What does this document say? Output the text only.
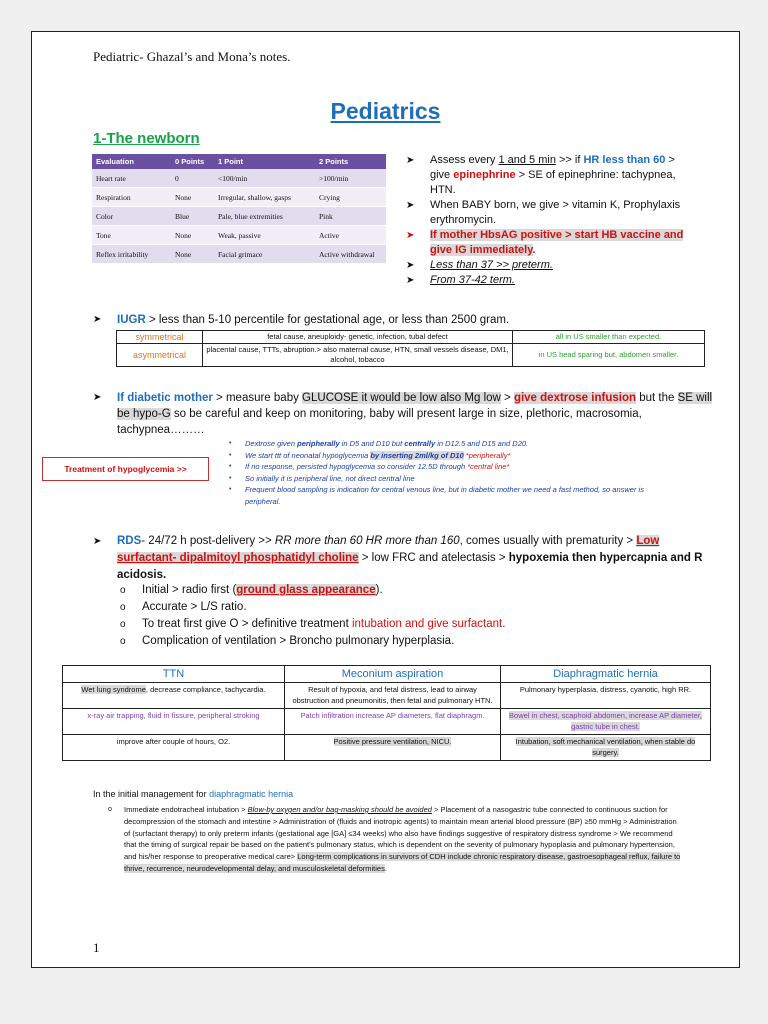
Pediatric- Ghazal’s and Mona’s notes.
Pediatrics
1-The newborn
Evaluation	0 Points	1 Point	2 Points
Heart rate	0	<100/min	>100/min
Respiration	None	Irregular, shallow, gasps	Crying
Color	Blue	Pale, blue extremities	Pink
Tone	None	Weak, passive	Active
Reflex irritability	None	Facial grimace	Active withdrawal
➤ Assess every 1 and 5 min >> if HR less than 60 > give epinephrine > SE of epinephrine: tachypnea, HTN.
➤ When BABY born, we give > vitamin K, Prophylaxis erythromycin.
➤ If mother HbsAG positive > start HB vaccine and give IG immediately.
➤ Less than 37 >> preterm.
➤ From 37-42 term.
➤ IUGR > less than 5-10 percentile for gestational age, or less than 2500 gram.
symmetrical	fetal cause, aneuploidy- genetic, infection, tubal defect	all in US smaller than expected.
asymmetrical	placental cause, TTTs, abruption.> also maternal cause, HTN, small vessels disease, DM1, alcohol, tobacco	in US head sparing but, abdomen smaller.
➤ If diabetic mother > measure baby GLUCOSE it would be low also Mg low > give dextrose infusion but the SE will be hypo-G so be careful and keep on monitoring, baby will present large in size, plethoric, macrosomia, tachypnea………
Treatment of hypoglycemia >>
• Dextrose given peripherally in D5 and D10 but centrally in D12.5 and D15 and D20.
• We start ttt of neonatal hypoglycemia by inserting 2ml/kg of D10 *peripherally*
• If no response, persisted hypoglycemia so consider 12.5D through *central line*
• So initially it is peripheral line, not direct central line
• Frequent blood sampling is indication for central venous line, but in diabetic mother we need a fast method, so answer is peripheral.
➤ RDS- 24/72 h post-delivery >> RR more than 60 HR more than 160, comes usually with prematurity > Low surfactant- dipalmitoyl phosphatidyl choline > low FRC and atelectasis > hypoxemia then hypercapnia and R acidosis.
o Initial > radio first (ground glass appearance).
o Accurate > L/S ratio.
o To treat first give O > definitive treatment intubation and give surfactant.
o Complication of ventilation > Broncho pulmonary hyperplasia.
TTN	Meconium aspiration	Diaphragmatic hernia
Wet lung syndrome, decrease compliance, tachycardia.	Result of hypoxia, and fetal distress, lead to airway obstruction and pneumonitis, then fetal and pulmonary HTN.	Pulmonary hyperplasia, distress, cyanotic, high RR.
x-ray air trapping, fluid in fissure, peripheral stroking	Patch infiltration increase AP diameters, flat diaphragm.	Bowel in chest, scaphoid abdomen, increase AP diameter, gastric tube in chest.
improve after couple of hours, O2.	Positive pressure ventilation, NICU.	Intubation, soft mechanical ventilation, when stable do surgery.
In the initial management for diaphragmatic hernia
o Immediate endotracheal intubation > Blow-by oxygen and/or bag-masking should be avoided > Placement of a nasogastric tube connected to continuous suction for decompression of the stomach and intestine > Administration of (fluids and inotropic agents) to maintain mean arterial blood pressure (BP) ≥50 mmHg > Administration of (surfactant therapy) to only preterm infants (gestational age [GA] ≤34 weeks) who also have findings suggestive of respiratory distress syndrome > We recommend that the timing of surgical repair be based on the patient's pulmonary status, which is dependent on the severity of pulmonary hypoplasia and pulmonary hypertension, and his/her response to preoperative medical care> Long-term complications in survivors of CDH include chronic respiratory disease, gastroesophageal reflux, failure to thrive, recurrence, neurodevelopmental delay, and musculoskeletal deformities.
1
